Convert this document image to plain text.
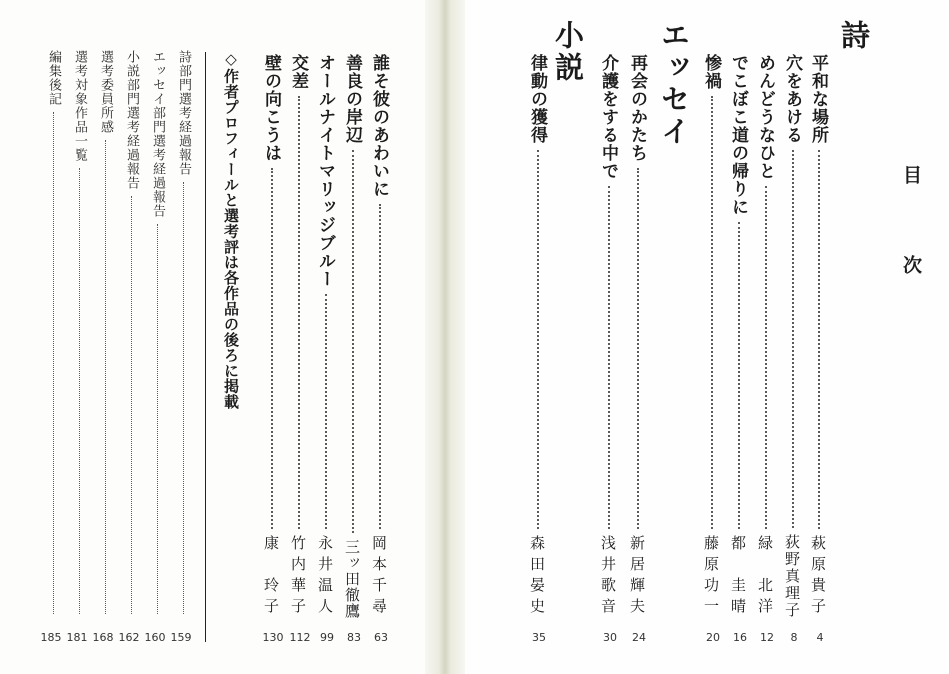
目　次
詩
エッセイ
小説
平和な場所
萩原貴子
4
穴をあける
荻野真理子
8
めんどうなひと
緑　北洋
12
でこぼこ道の帰りに
都　圭晴
16
惨禍
藤原功一
20
再会のかたち
新居輝夫
24
介護をする中で
浅井歌音
30
律動の獲得
森田晏史
35
誰そ彼のあわいに
岡本千尋
63
善良の岸辺
三ッ田徹鷹
83
オールナイトマリッジブルー
永井温人
99
交差
竹内華子
112
壁の向こうは
康　玲子
130
◇作者プロフィールと選考評は各作品の後ろに掲載
詩部門選考経過報告
159
エッセイ部門選考経過報告
160
小説部門選考経過報告
162
選考委員所感
168
選考対象作品一覧
181
編集後記
185
